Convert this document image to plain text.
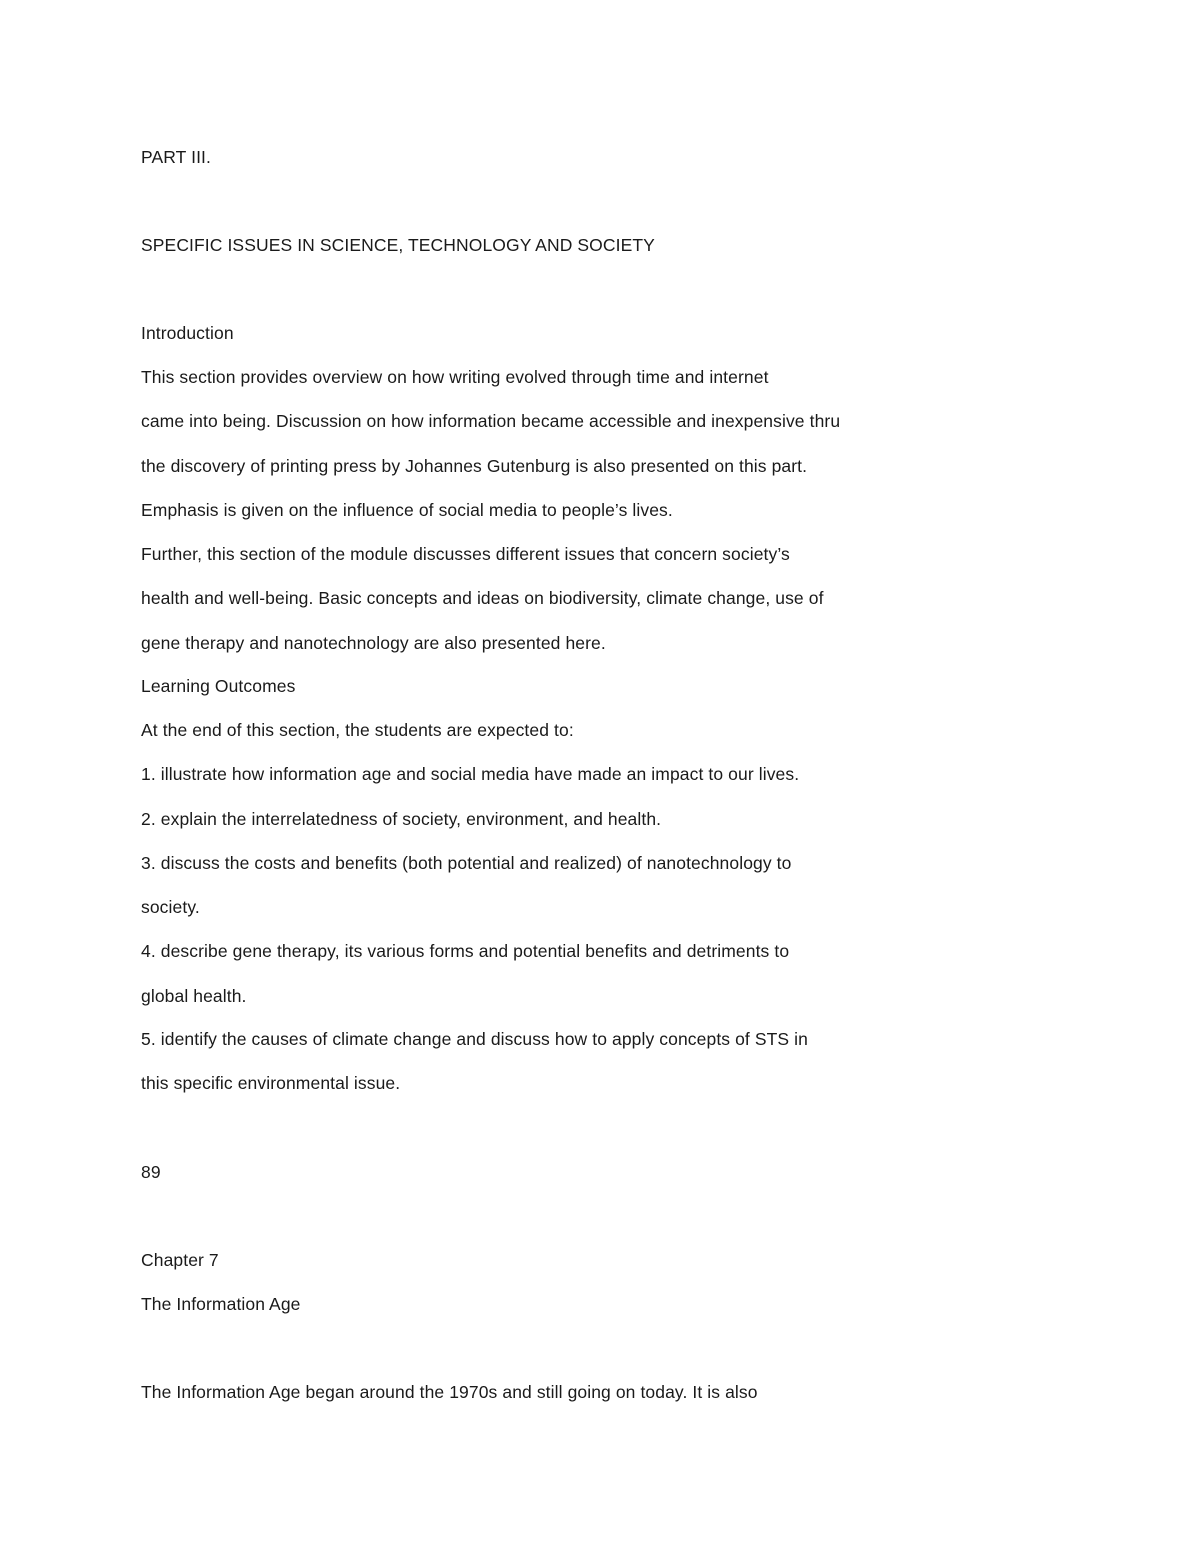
PART III.
SPECIFIC ISSUES IN SCIENCE, TECHNOLOGY AND SOCIETY
Introduction
This section provides overview on how writing evolved through time and internet
came into being. Discussion on how information became accessible and inexpensive thru
the discovery of printing press by Johannes Gutenburg is also presented on this part.
Emphasis is given on the influence of social media to people’s lives.
Further, this section of the module discusses different issues that concern society’s
health and well-being. Basic concepts and ideas on biodiversity, climate change, use of
gene therapy and nanotechnology are also presented here.
Learning Outcomes
At the end of this section, the students are expected to:
1. illustrate how information age and social media have made an impact to our lives.
2. explain the interrelatedness of society, environment, and health.
3. discuss the costs and benefits (both potential and realized) of nanotechnology to
society.
4. describe gene therapy, its various forms and potential benefits and detriments to
global health.
5. identify the causes of climate change and discuss how to apply concepts of STS in
this specific environmental issue.
89
Chapter 7
The Information Age
The Information Age began around the 1970s and still going on today. It is also
